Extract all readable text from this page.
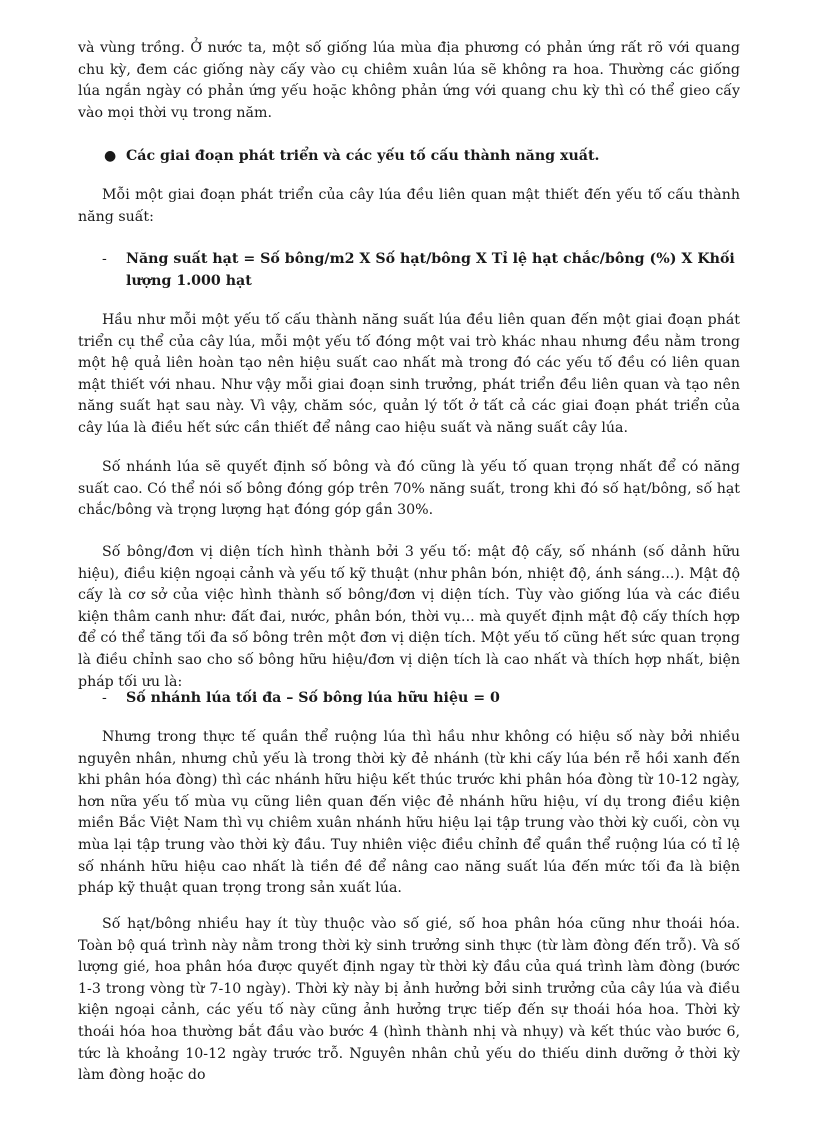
và vùng trồng. Ở nước ta, một số giống lúa mùa địa phương có phản ứng rất rõ với quang chu kỳ, đem các giống này cấy vào cụ chiêm xuân lúa sẽ không ra hoa. Thường các giống lúa ngắn ngày có phản ứng yếu hoặc không phản ứng với quang chu kỳ thì có thể gieo cấy vào mọi thời vụ trong năm.

● Các giai đoạn phát triển và các yếu tố cấu thành năng xuất.

Mỗi một giai đoạn phát triển của cây lúa đều liên quan mật thiết đến yếu tố cấu thành năng suất:

- Năng suất hạt = Số bông/m2 X Số hạt/bông X Tỉ lệ hạt chắc/bông (%) X Khối lượng 1.000 hạt

Hầu như mỗi một yếu tố cấu thành năng suất lúa đều liên quan đến một giai đoạn phát triển cụ thể của cây lúa, mỗi một yếu tố đóng một vai trò khác nhau nhưng đều nằm trong một hệ quả liên hoàn tạo nên hiệu suất cao nhất mà trong đó các yếu tố đều có liên quan mật thiết với nhau. Như vậy mỗi giai đoạn sinh trưởng, phát triển đều liên quan và tạo nên năng suất hạt sau này. Vì vậy, chăm sóc, quản lý tốt ở tất cả các giai đoạn phát triển của cây lúa là điều hết sức cần thiết để nâng cao hiệu suất và năng suất cây lúa.

Số nhánh lúa sẽ quyết định số bông và đó cũng là yếu tố quan trọng nhất để có năng suất cao. Có thể nói số bông đóng góp trên 70% năng suất, trong khi đó số hạt/bông, số hạt chắc/bông và trọng lượng hạt đóng góp gần 30%.

Số bông/đơn vị diện tích hình thành bởi 3 yếu tố: mật độ cấy, số nhánh (số dảnh hữu hiệu), điều kiện ngoại cảnh và yếu tố kỹ thuật (như phân bón, nhiệt độ, ánh sáng...). Mật độ cấy là cơ sở của việc hình thành số bông/đơn vị diện tích. Tùy vào giống lúa và các điều kiện thâm canh như: đất đai, nước, phân bón, thời vụ... mà quyết định mật độ cấy thích hợp để có thể tăng tối đa số bông trên một đơn vị diện tích. Một yếu tố cũng hết sức quan trọng là điều chỉnh sao cho số bông hữu hiệu/đơn vị diện tích là cao nhất và thích hợp nhất, biện pháp tối ưu là:

- Số nhánh lúa tối đa – Số bông lúa hữu hiệu = 0

Nhưng trong thực tế quần thể ruộng lúa thì hầu như không có hiệu số này bởi nhiều nguyên nhân, nhưng chủ yếu là trong thời kỳ đẻ nhánh (từ khi cấy lúa bén rễ hồi xanh đến khi phân hóa đòng) thì các nhánh hữu hiệu kết thúc trước khi phân hóa đòng từ 10-12 ngày, hơn nữa yếu tố mùa vụ cũng liên quan đến việc đẻ nhánh hữu hiệu, ví dụ trong điều kiện miền Bắc Việt Nam thì vụ chiêm xuân nhánh hữu hiệu lại tập trung vào thời kỳ cuối, còn vụ mùa lại tập trung vào thời kỳ đầu. Tuy nhiên việc điều chỉnh để quần thể ruộng lúa có tỉ lệ số nhánh hữu hiệu cao nhất là tiền đề để nâng cao năng suất lúa đến mức tối đa là biện pháp kỹ thuật quan trọng trong sản xuất lúa.

Số hạt/bông nhiều hay ít tùy thuộc vào số gié, số hoa phân hóa cũng như thoái hóa. Toàn bộ quá trình này nằm trong thời kỳ sinh trưởng sinh thực (từ làm đòng đến trỗ). Và số lượng gié, hoa phân hóa được quyết định ngay từ thời kỳ đầu của quá trình làm đòng (bước 1-3 trong vòng từ 7-10 ngày). Thời kỳ này bị ảnh hưởng bởi sinh trưởng của cây lúa và điều kiện ngoại cảnh, các yếu tố này cũng ảnh hưởng trực tiếp đến sự thoái hóa hoa. Thời kỳ thoái hóa hoa thường bắt đầu vào bước 4 (hình thành nhị và nhụy) và kết thúc vào bước 6, tức là khoảng 10-12 ngày trước trỗ. Nguyên nhân chủ yếu do thiếu dinh dưỡng ở thời kỳ làm đòng hoặc do
